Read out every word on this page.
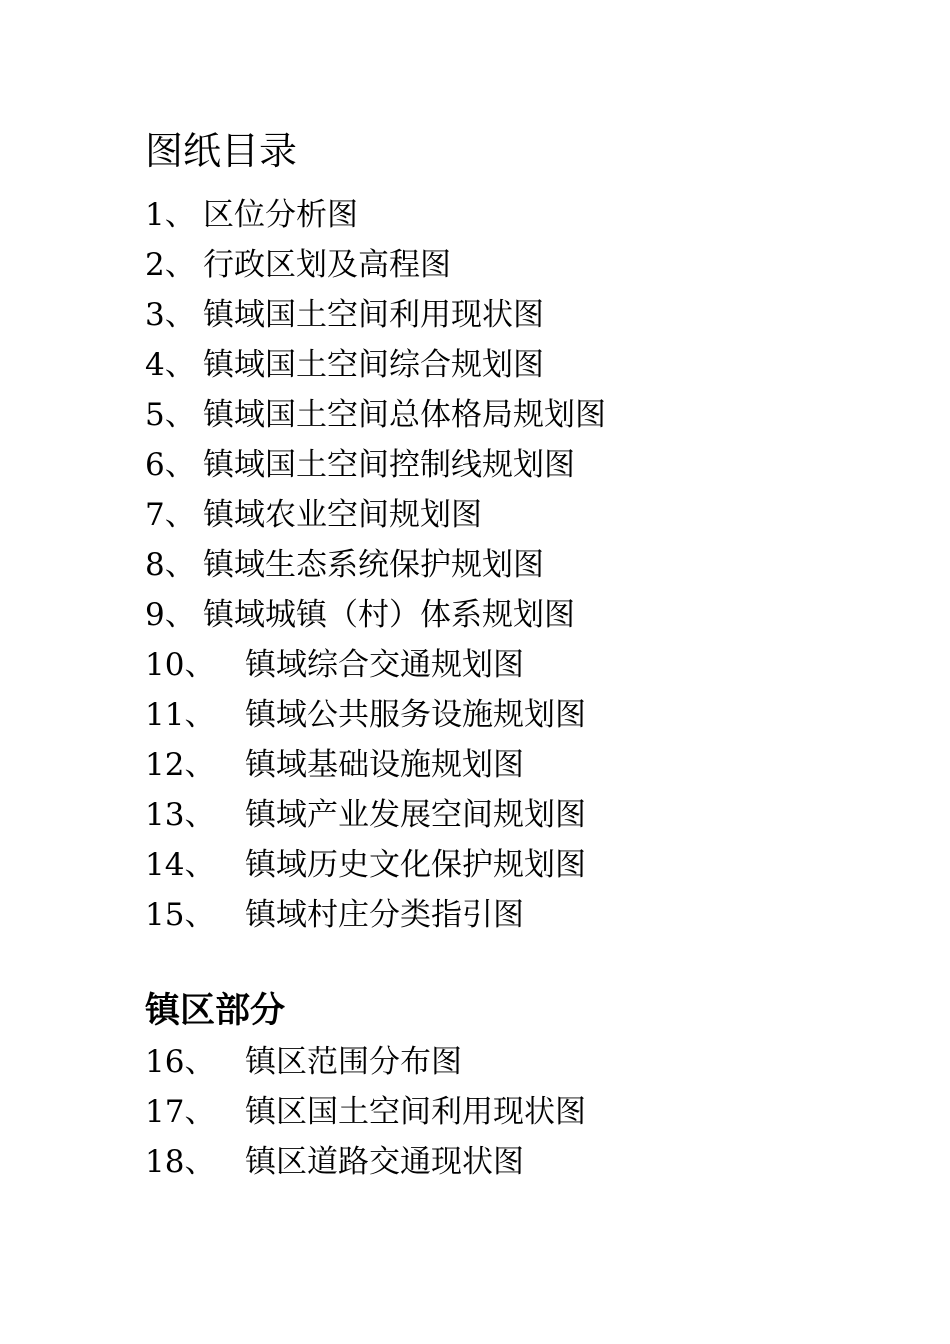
图纸目录
1、 区位分析图
2、 行政区划及高程图
3、 镇域国土空间利用现状图
4、 镇域国土空间综合规划图
5、 镇域国土空间总体格局规划图
6、 镇域国土空间控制线规划图
7、 镇域农业空间规划图
8、 镇域生态系统保护规划图
9、 镇域城镇（村）体系规划图
10、 镇域综合交通规划图
11、 镇域公共服务设施规划图
12、 镇域基础设施规划图
13、 镇域产业发展空间规划图
14、 镇域历史文化保护规划图
15、 镇域村庄分类指引图
镇区部分
16、 镇区范围分布图
17、 镇区国土空间利用现状图
18、 镇区道路交通现状图
